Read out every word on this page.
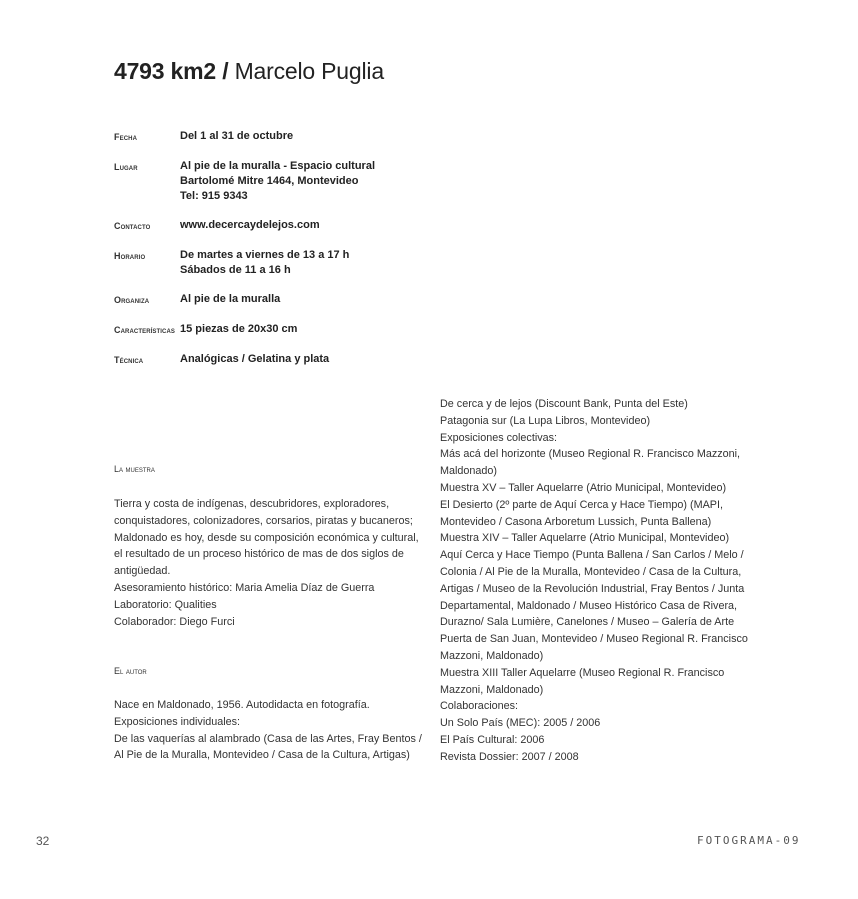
4793 km2 / Marcelo Puglia
Fecha	Del 1 al 31 de octubre
Lugar	Al pie de la muralla - Espacio cultural
Bartolomé Mitre 1464, Montevideo
Tel: 915 9343
Contacto	www.decercaydelejos.com
Horario	De martes a viernes de 13 a 17 h
Sábados de 11 a 16 h
Organiza	Al pie de la muralla
Características 15 piezas de 20x30 cm
Técnica	Analógicas / Gelatina y plata
La muestra
Tierra y costa de indígenas, descubridores, exploradores,
conquistadores, colonizadores, corsarios, piratas y bucaneros;
Maldonado es hoy, desde su composición económica y cultural,
el resultado de un proceso histórico de mas de dos siglos de
antigüedad.
Asesoramiento histórico: Maria Amelia Díaz de Guerra
Laboratorio: Qualities
Colaborador: Diego Furci
El autor
Nace en Maldonado, 1956. Autodidacta en fotografía.
Exposiciones individuales:
De las vaquerías al alambrado (Casa de las Artes, Fray Bentos /
Al Pie de la Muralla, Montevideo / Casa de la Cultura, Artigas)
De cerca y de lejos (Discount Bank, Punta del Este)
Patagonia sur (La Lupa Libros, Montevideo)
Exposiciones colectivas:
Más acá del horizonte (Museo Regional R. Francisco Mazzoni,
Maldonado)
Muestra XV – Taller Aquelarre (Atrio Municipal, Montevideo)
El Desierto (2º parte de Aquí Cerca y Hace Tiempo) (MAPI,
Montevideo / Casona Arboretum Lussich, Punta Ballena)
Muestra XIV – Taller Aquelarre (Atrio Municipal, Montevideo)
Aquí Cerca y Hace Tiempo (Punta Ballena / San Carlos / Melo /
Colonia / Al Pie de la Muralla, Montevideo / Casa de la Cultura,
Artigas / Museo de la Revolución Industrial, Fray Bentos / Junta
Departamental, Maldonado / Museo Histórico Casa de Rivera,
Durazno/ Sala Lumière, Canelones / Museo – Galería de Arte
Puerta de San Juan, Montevideo / Museo Regional R. Francisco
Mazzoni, Maldonado)
Muestra XIII Taller Aquelarre (Museo Regional R. Francisco
Mazzoni, Maldonado)
Colaboraciones:
Un Solo País (MEC): 2005 / 2006
El País Cultural: 2006
Revista Dossier: 2007 / 2008
32	FOTOGRAMA-09
